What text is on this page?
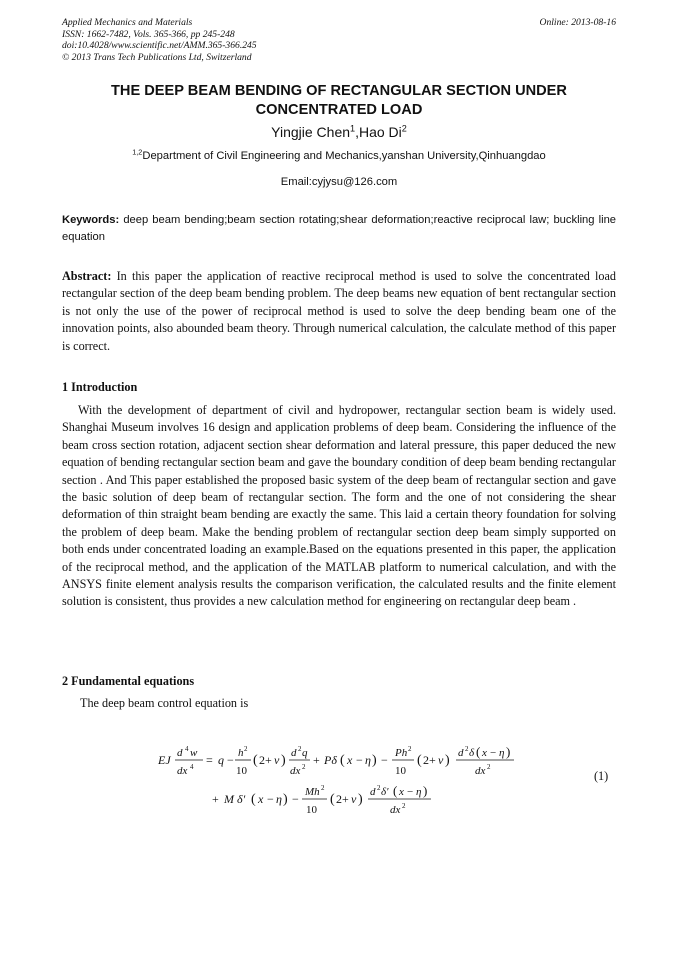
Applied Mechanics and Materials
ISSN: 1662-7482, Vols. 365-366, pp 245-248
doi:10.4028/www.scientific.net/AMM.365-366.245
© 2013 Trans Tech Publications Ltd, Switzerland
Online: 2013-08-16
THE DEEP BEAM BENDING OF RECTANGULAR SECTION UNDER
CONCENTRATED LOAD
Yingjie Chen$^1$,Hao Di$^2$
$^{1,2}$Department of Civil Engineering and Mechanics,yanshan University,Qinhuangdao
Email:cyjysu@126.com
Keywords: deep beam bending;beam section rotating;shear deformation;reactive reciprocal law; buckling line equation
Abstract: In this paper the application of reactive reciprocal method is used to solve the concentrated load rectangular section of the deep beam bending problem. The deep beams new equation of bent rectangular section is not only the use of the power of reciprocal method is used to solve the deep bending beam one of the innovation points, also abounded beam theory. Through numerical calculation, the calculate method of this paper is correct.
1 Introduction
With the development of department of civil and hydropower, rectangular section beam is widely used. Shanghai Museum involves 16 design and application problems of deep beam. Considering the influence of the beam cross section rotation, adjacent section shear deformation and lateral pressure, this paper deduced the new equation of bending rectangular section beam and gave the boundary condition of deep beam bending rectangular section . And This paper established the proposed basic system of the deep beam of rectangular section and gave the basic solution of deep beam of rectangular section. The form and the one of not considering the shear deformation of thin straight beam bending are exactly the same. This laid a certain theory foundation for solving the problem of deep beam. Make the bending problem of rectangular section deep beam simply supported on both ends under concentrated loading an example.Based on the equations presented in this paper, the application of the reciprocal method, and the application of the MATLAB platform to numerical calculation, and with the ANSYS finite element analysis results the comparison verification, the calculated results and the finite element solution is consistent, thus provides a new calculation method for engineering on rectangular deep beam .
2 Fundamental equations
The deep beam control equation is
EJ d 4 w
dx 4 = q − h 2
10
( 2+ ν ) d 2 q
dx 2 + Pδ ( x − η ) − Ph 2
10
( 2+ ν ) d 2 δ ( x − η )
dx 2
+ M δ′ ( x − η ) − Mh 2
10
( 2+ ν ) d 2 δ′ ( x − η )
dx 2
(1)
